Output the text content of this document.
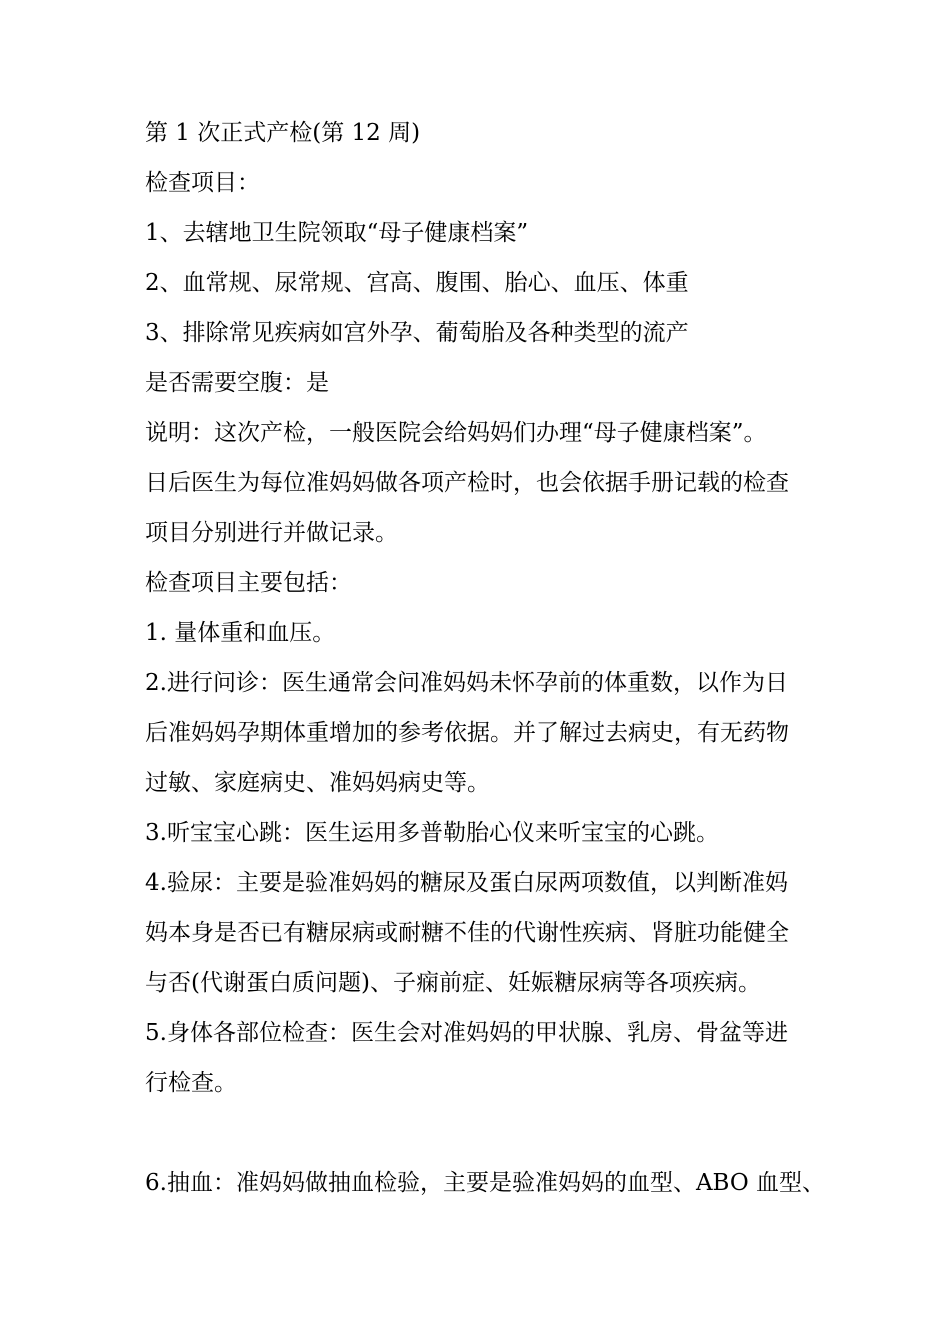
第 1 次正式产检(第 12 周)
检查项目：
1、去辖地卫生院领取“母子健康档案”
2、血常规、尿常规、宫高、腹围、胎心、血压、体重
3、排除常见疾病如宫外孕、葡萄胎及各种类型的流产
是否需要空腹：是
说明：这次产检，一般医院会给妈妈们办理“母子健康档案”。
日后医生为每位准妈妈做各项产检时，也会依据手册记载的检查
项目分别进行并做记录。
检查项目主要包括：
1. 量体重和血压。
2.进行问诊：医生通常会问准妈妈未怀孕前的体重数，以作为日
后准妈妈孕期体重增加的参考依据。并了解过去病史，有无药物
过敏、家庭病史、准妈妈病史等。
3.听宝宝心跳：医生运用多普勒胎心仪来听宝宝的心跳。
4.验尿：主要是验准妈妈的糖尿及蛋白尿两项数值，以判断准妈
妈本身是否已有糖尿病或耐糖不佳的代谢性疾病、肾脏功能健全
与否(代谢蛋白质问题)、子痫前症、妊娠糖尿病等各项疾病。
5.身体各部位检查：医生会对准妈妈的甲状腺、乳房、骨盆等进
行检查。
6.抽血：准妈妈做抽血检验，主要是验准妈妈的血型、ABO 血型、
